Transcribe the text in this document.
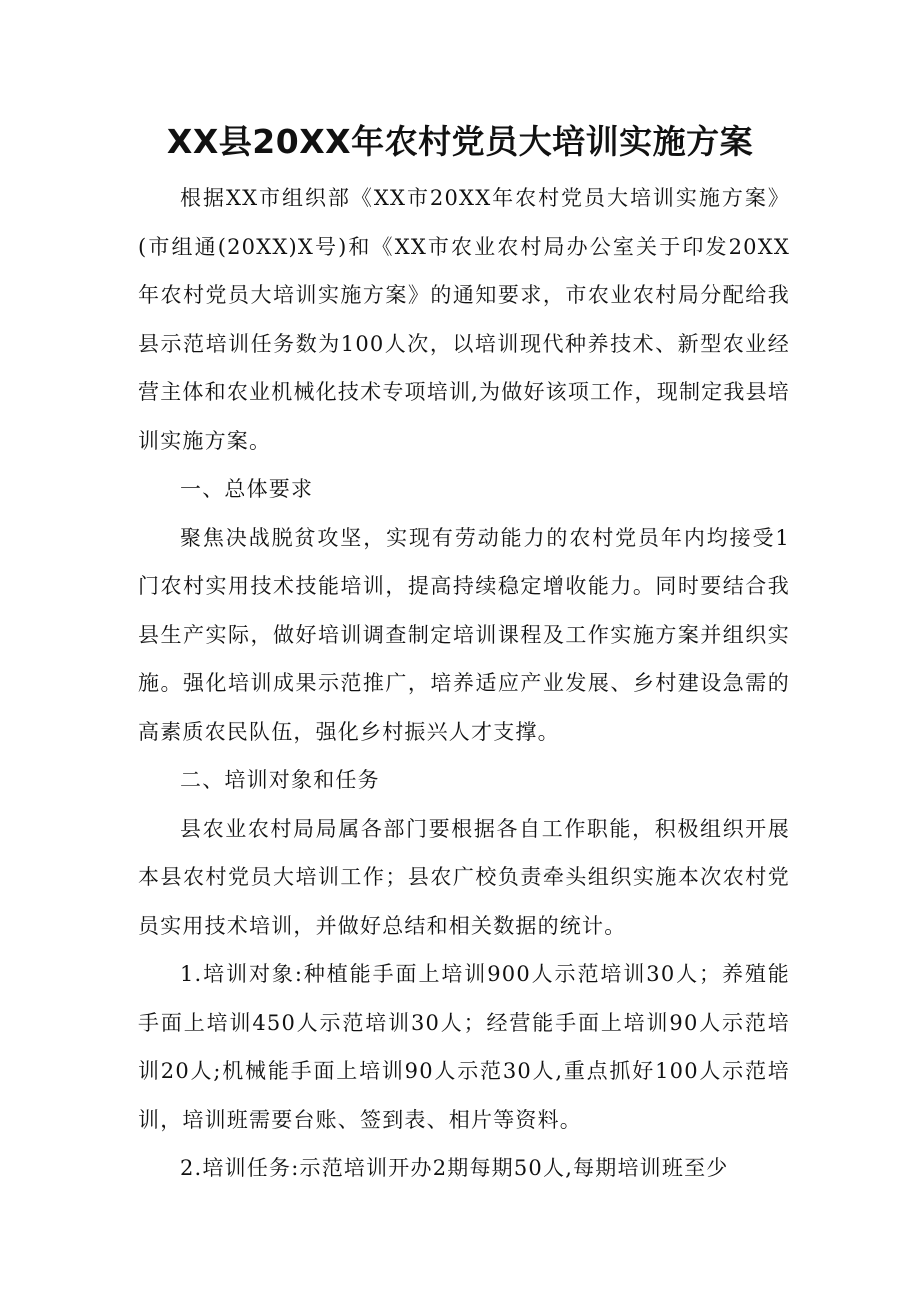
XX县20XX年农村党员大培训实施方案

根据XX市组织部《XX市20XX年农村党员大培训实施方案》(市组通(20XX)X号)和《XX市农业农村局办公室关于印发20XX年农村党员大培训实施方案》的通知要求，市农业农村局分配给我县示范培训任务数为100人次，以培训现代种养技术、新型农业经营主体和农业机械化技术专项培训,为做好该项工作，现制定我县培训实施方案。

一、总体要求

聚焦决战脱贫攻坚，实现有劳动能力的农村党员年内均接受1门农村实用技术技能培训，提高持续稳定增收能力。同时要结合我县生产实际，做好培训调查制定培训课程及工作实施方案并组织实施。强化培训成果示范推广，培养适应产业发展、乡村建设急需的高素质农民队伍，强化乡村振兴人才支撑。

二、培训对象和任务

县农业农村局局属各部门要根据各自工作职能，积极组织开展本县农村党员大培训工作；县农广校负责牵头组织实施本次农村党员实用技术培训，并做好总结和相关数据的统计。

1.培训对象:种植能手面上培训900人示范培训30人；养殖能手面上培训450人示范培训30人；经营能手面上培训90人示范培训20人;机械能手面上培训90人示范30人,重点抓好100人示范培训，培训班需要台账、签到表、相片等资料。

2.培训任务:示范培训开办2期每期50人,每期培训班至少
